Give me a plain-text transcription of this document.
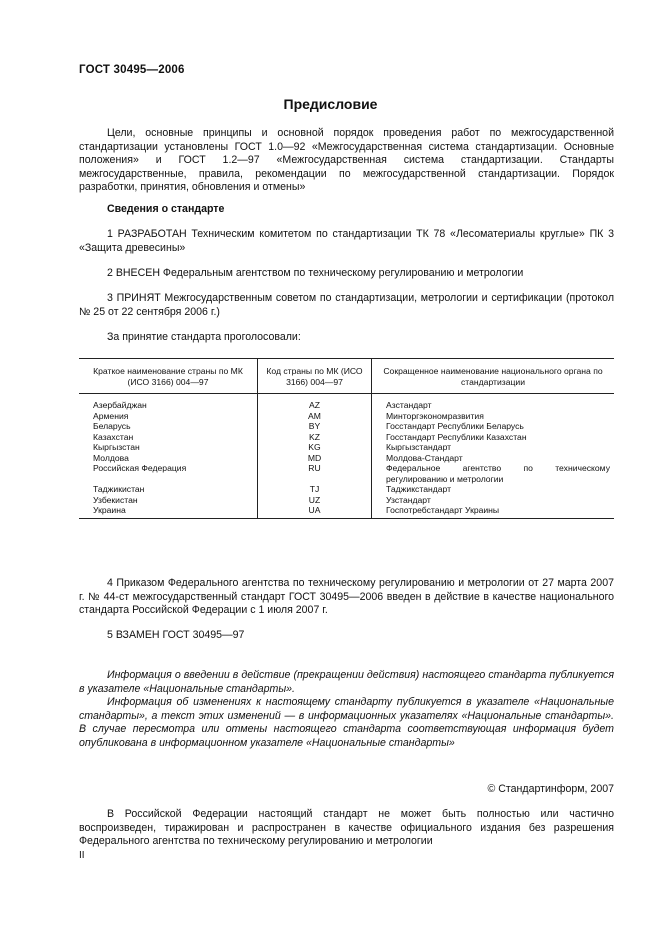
ГОСТ 30495—2006
Предисловие

Цели, основные принципы и основной порядок проведения работ по межгосударственной стандартизации установлены ГОСТ 1.0—92 «Межгосударственная система стандартизации. Основные положения» и ГОСТ 1.2—97 «Межгосударственная система стандартизации. Стандарты межгосударственные, правила, рекомендации по межгосударственной стандартизации. Порядок разработки, принятия, обновления и отмены»

Сведения о стандарте

1 РАЗРАБОТАН Техническим комитетом по стандартизации ТК 78 «Лесоматериалы круглые» ПК 3 «Защита древесины»

2 ВНЕСЕН Федеральным агентством по техническому регулированию и метрологии

3 ПРИНЯТ Межгосударственным советом по стандартизации, метрологии и сертификации (протокол № 25 от 22 сентября 2006 г.)

За принятие стандарта проголосовали:

Краткое наименование страны по МК (ИСО 3166) 004—97	Код страны по МК (ИСО 3166) 004—97	Сокращенное наименование национального органа по стандартизации
Азербайджан	AZ	Азстандарт
Армения	AM	Минторгэкономразвития
Беларусь	BY	Госстандарт Республики Беларусь
Казахстан	KZ	Госстандарт Республики Казахстан
Кыргызстан	KG	Кыргызстандарт
Молдова	MD	Молдова-Стандарт
Российская Федерация	RU	Федеральное агентство по техническому регулированию и метрологии
Таджикистан	TJ	Таджикстандарт
Узбекистан	UZ	Узстандарт
Украина	UA	Госпотребстандарт Украины

4 Приказом Федерального агентства по техническому регулированию и метрологии от 27 марта 2007 г. № 44-ст межгосударственный стандарт ГОСТ 30495—2006 введен в действие в качестве национального стандарта Российской Федерации с 1 июля 2007 г.

5 ВЗАМЕН ГОСТ 30495—97

Информация о введении в действие (прекращении действия) настоящего стандарта публикуется в указателе «Национальные стандарты».

Информация об изменениях к настоящему стандарту публикуется в указателе «Национальные стандарты», а текст этих изменений — в информационных указателях «Национальные стандарты». В случае пересмотра или отмены настоящего стандарта соответствующая информация будет опубликована в информационном указателе «Национальные стандарты»

© Стандартинформ, 2007

В Российской Федерации настоящий стандарт не может быть полностью или частично воспроизведен, тиражирован и распространен в качестве официального издания без разрешения Федерального агентства по техническому регулированию и метрологии

II
